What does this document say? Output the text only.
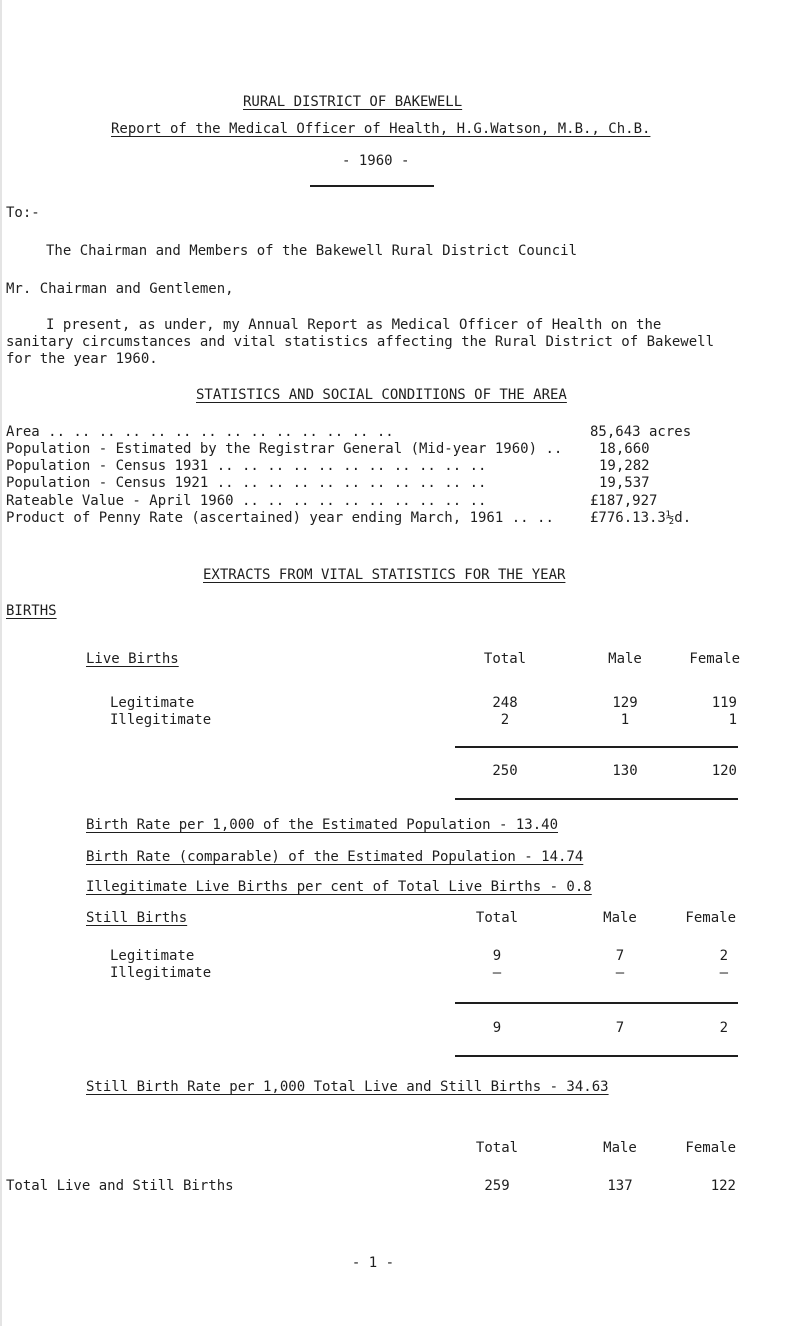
RURAL DISTRICT OF BAKEWELL
Report of the Medical Officer of Health, H.G.Watson, M.B., Ch.B.
- 1960 -
To:-
The Chairman and Members of the Bakewell Rural District Council
Mr. Chairman and Gentlemen,
I present, as under, my Annual Report as Medical Officer of Health on the
sanitary circumstances and vital statistics affecting the Rural District of Bakewell
for the year 1960.
STATISTICS AND SOCIAL CONDITIONS OF THE AREA
Area .. .. .. .. .. .. .. .. .. .. .. .. .. ..	85,643 acres
Population - Estimated by the Registrar General (Mid-year 1960) ..	18,660
Population - Census 1931 .. .. .. .. .. .. .. .. .. .. ..	19,282
Population - Census 1921 .. .. .. .. .. .. .. .. .. .. ..	19,537
Rateable Value - April 1960 .. .. .. .. .. .. .. .. .. ..	£187,927
Product of Penny Rate (ascertained) year ending March, 1961 .. ..	£776.13.3½d.
EXTRACTS FROM VITAL STATISTICS FOR THE YEAR
BIRTHS
Live Births	Total	Male	Female
Legitimate	248	129	119
Illegitimate	2	1	1
250	130	120
Birth Rate per 1,000 of the Estimated Population - 13.40
Birth Rate (comparable) of the Estimated Population - 14.74
Illegitimate Live Births per cent of Total Live Births - 0.8
Still Births	Total	Male	Female
Legitimate	9	7	2
Illegitimate	–	–	–
9	7	2
Still Birth Rate per 1,000 Total Live and Still Births - 34.63
Total	Male	Female
Total Live and Still Births	259	137	122
- 1 -
